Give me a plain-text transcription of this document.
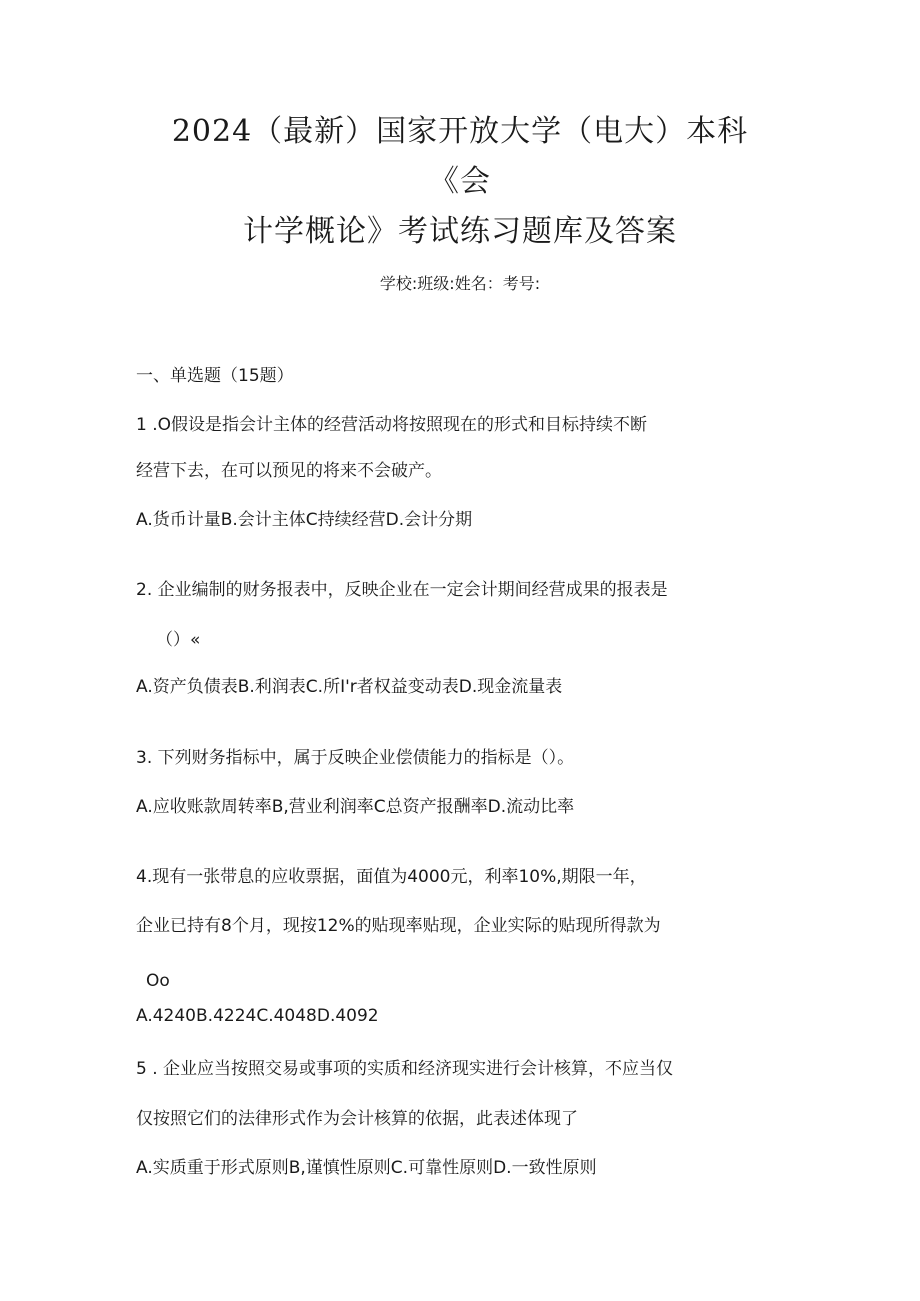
2024（最新）国家开放大学（电大）本科
《会
计学概论》考试练习题库及答案
学校:班级:姓名：考号:
一、单选题（15题）
1 .O假设是指会计主体的经营活动将按照现在的形式和目标持续不断
经营下去，在可以预见的将来不会破产。
A.货币计量B.会计主体C持续经营D.会计分期
2. 企业编制的财务报表中，反映企业在一定会计期间经营成果的报表是
（）«
A.资产负债表B.利润表C.所I'r者权益变动表D.现金流量表
3. 下列财务指标中，属于反映企业偿债能力的指标是（）。
A.应收账款周转率B,营业利润率C总资产报酬率D.流动比率
4.现有一张带息的应收票据，面值为4000元，利率10%,期限一年，
企业已持有8个月，现按12%的贴现率贴现，企业实际的贴现所得款为
Oo
A.4240B.4224C.4048D.4092
5 . 企业应当按照交易或事项的实质和经济现实进行会计核算，不应当仅
仅按照它们的法律形式作为会计核算的依据，此表述体现了
A.实质重于形式原则B,谨慎性原则C.可靠性原则D.一致性原则
